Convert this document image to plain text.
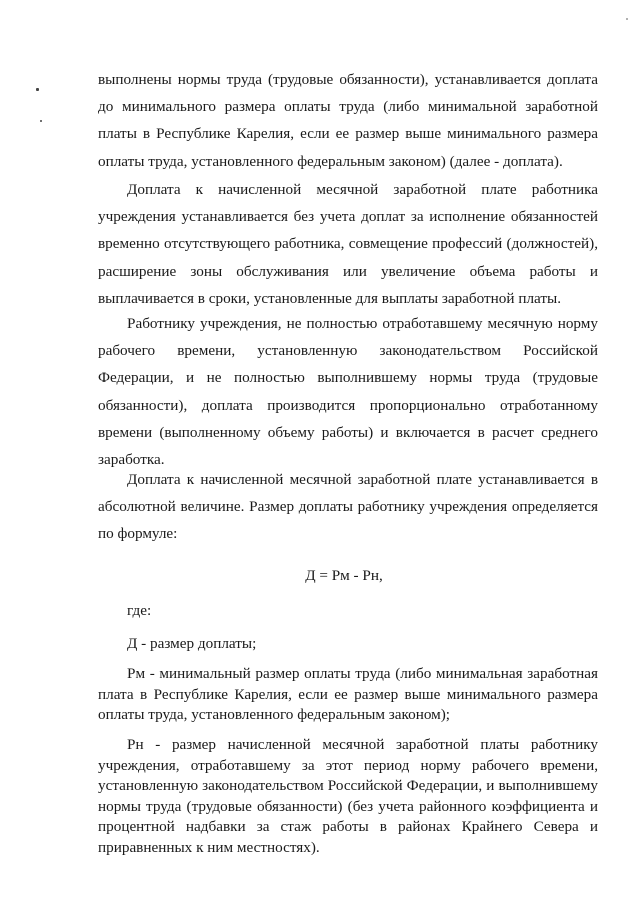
выполнены нормы труда (трудовые обязанности), устанавливается доплата до минимального размера оплаты труда (либо минимальной заработной платы в Республике Карелия, если ее размер выше минимального размера оплаты труда, установленного федеральным законом) (далее - доплата).

Доплата к начисленной месячной заработной плате работника учреждения устанавливается без учета доплат за исполнение обязанностей временно отсутствующего работника, совмещение профессий (должностей), расширение зоны обслуживания или увеличение объема работы и выплачивается в сроки, установленные для выплаты заработной платы.

Работнику учреждения, не полностью отработавшему месячную норму рабочего времени, установленную законодательством Российской Федерации, и не полностью выполнившему нормы труда (трудовые обязанности), доплата производится пропорционально отработанному времени (выполненному объему работы) и включается в расчет среднего заработка.

Доплата к начисленной месячной заработной плате устанавливается в абсолютной величине. Размер доплаты работнику учреждения определяется по формуле:

Д = Рм - Рн,

где:

Д - размер доплаты;

Рм - минимальный размер оплаты труда (либо минимальная заработная плата в Республике Карелия, если ее размер выше минимального размера оплаты труда, установленного федеральным законом);

Рн - размер начисленной месячной заработной платы работнику учреждения, отработавшему за этот период норму рабочего времени, установленную законодательством Российской Федерации, и выполнившему нормы труда (трудовые обязанности) (без учета районного коэффициента и процентной надбавки за стаж работы в районах Крайнего Севера и приравненных к ним местностях).
